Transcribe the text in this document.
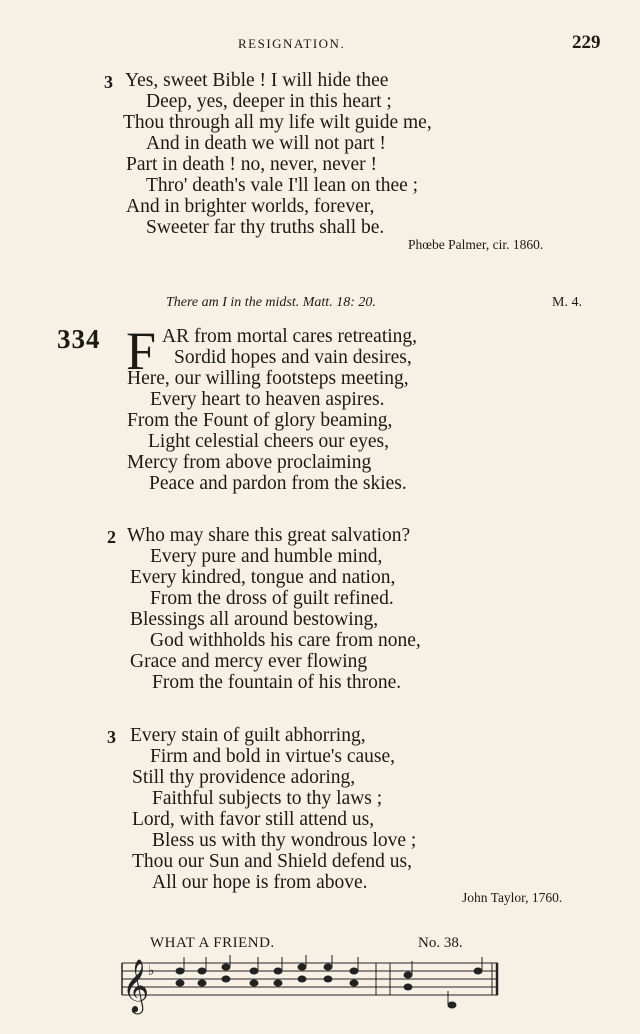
RESIGNATION.	229
3 Yes, sweet Bible ! I will hide thee
Deep, yes, deeper in this heart ;
Thou through all my life wilt guide me,
And in death we will not part !
Part in death ! no, never, never !
Thro' death's vale I'll lean on thee ;
And in brighter worlds, forever,
Sweeter far thy truths shall be.
Phœbe Palmer, cir. 1860.
There am I in the midst. Matt. 18: 20.	M. 4.
334 F AR from mortal cares retreating,
Sordid hopes and vain desires,
Here, our willing footsteps meeting,
Every heart to heaven aspires.
From the Fount of glory beaming,
Light celestial cheers our eyes,
Mercy from above proclaiming
Peace and pardon from the skies.
2 Who may share this great salvation?
Every pure and humble mind,
Every kindred, tongue and nation,
From the dross of guilt refined.
Blessings all around bestowing,
God withholds his care from none,
Grace and mercy ever flowing
From the fountain of his throne.
3 Every stain of guilt abhorring,
Firm and bold in virtue's cause,
Still thy providence adoring,
Faithful subjects to thy laws ;
Lord, with favor still attend us,
Bless us with thy wondrous love ;
Thou our Sun and Shield defend us,
All our hope is from above.
John Taylor, 1760.
WHAT A FRIEND.	No. 38.
𝄞
♭
